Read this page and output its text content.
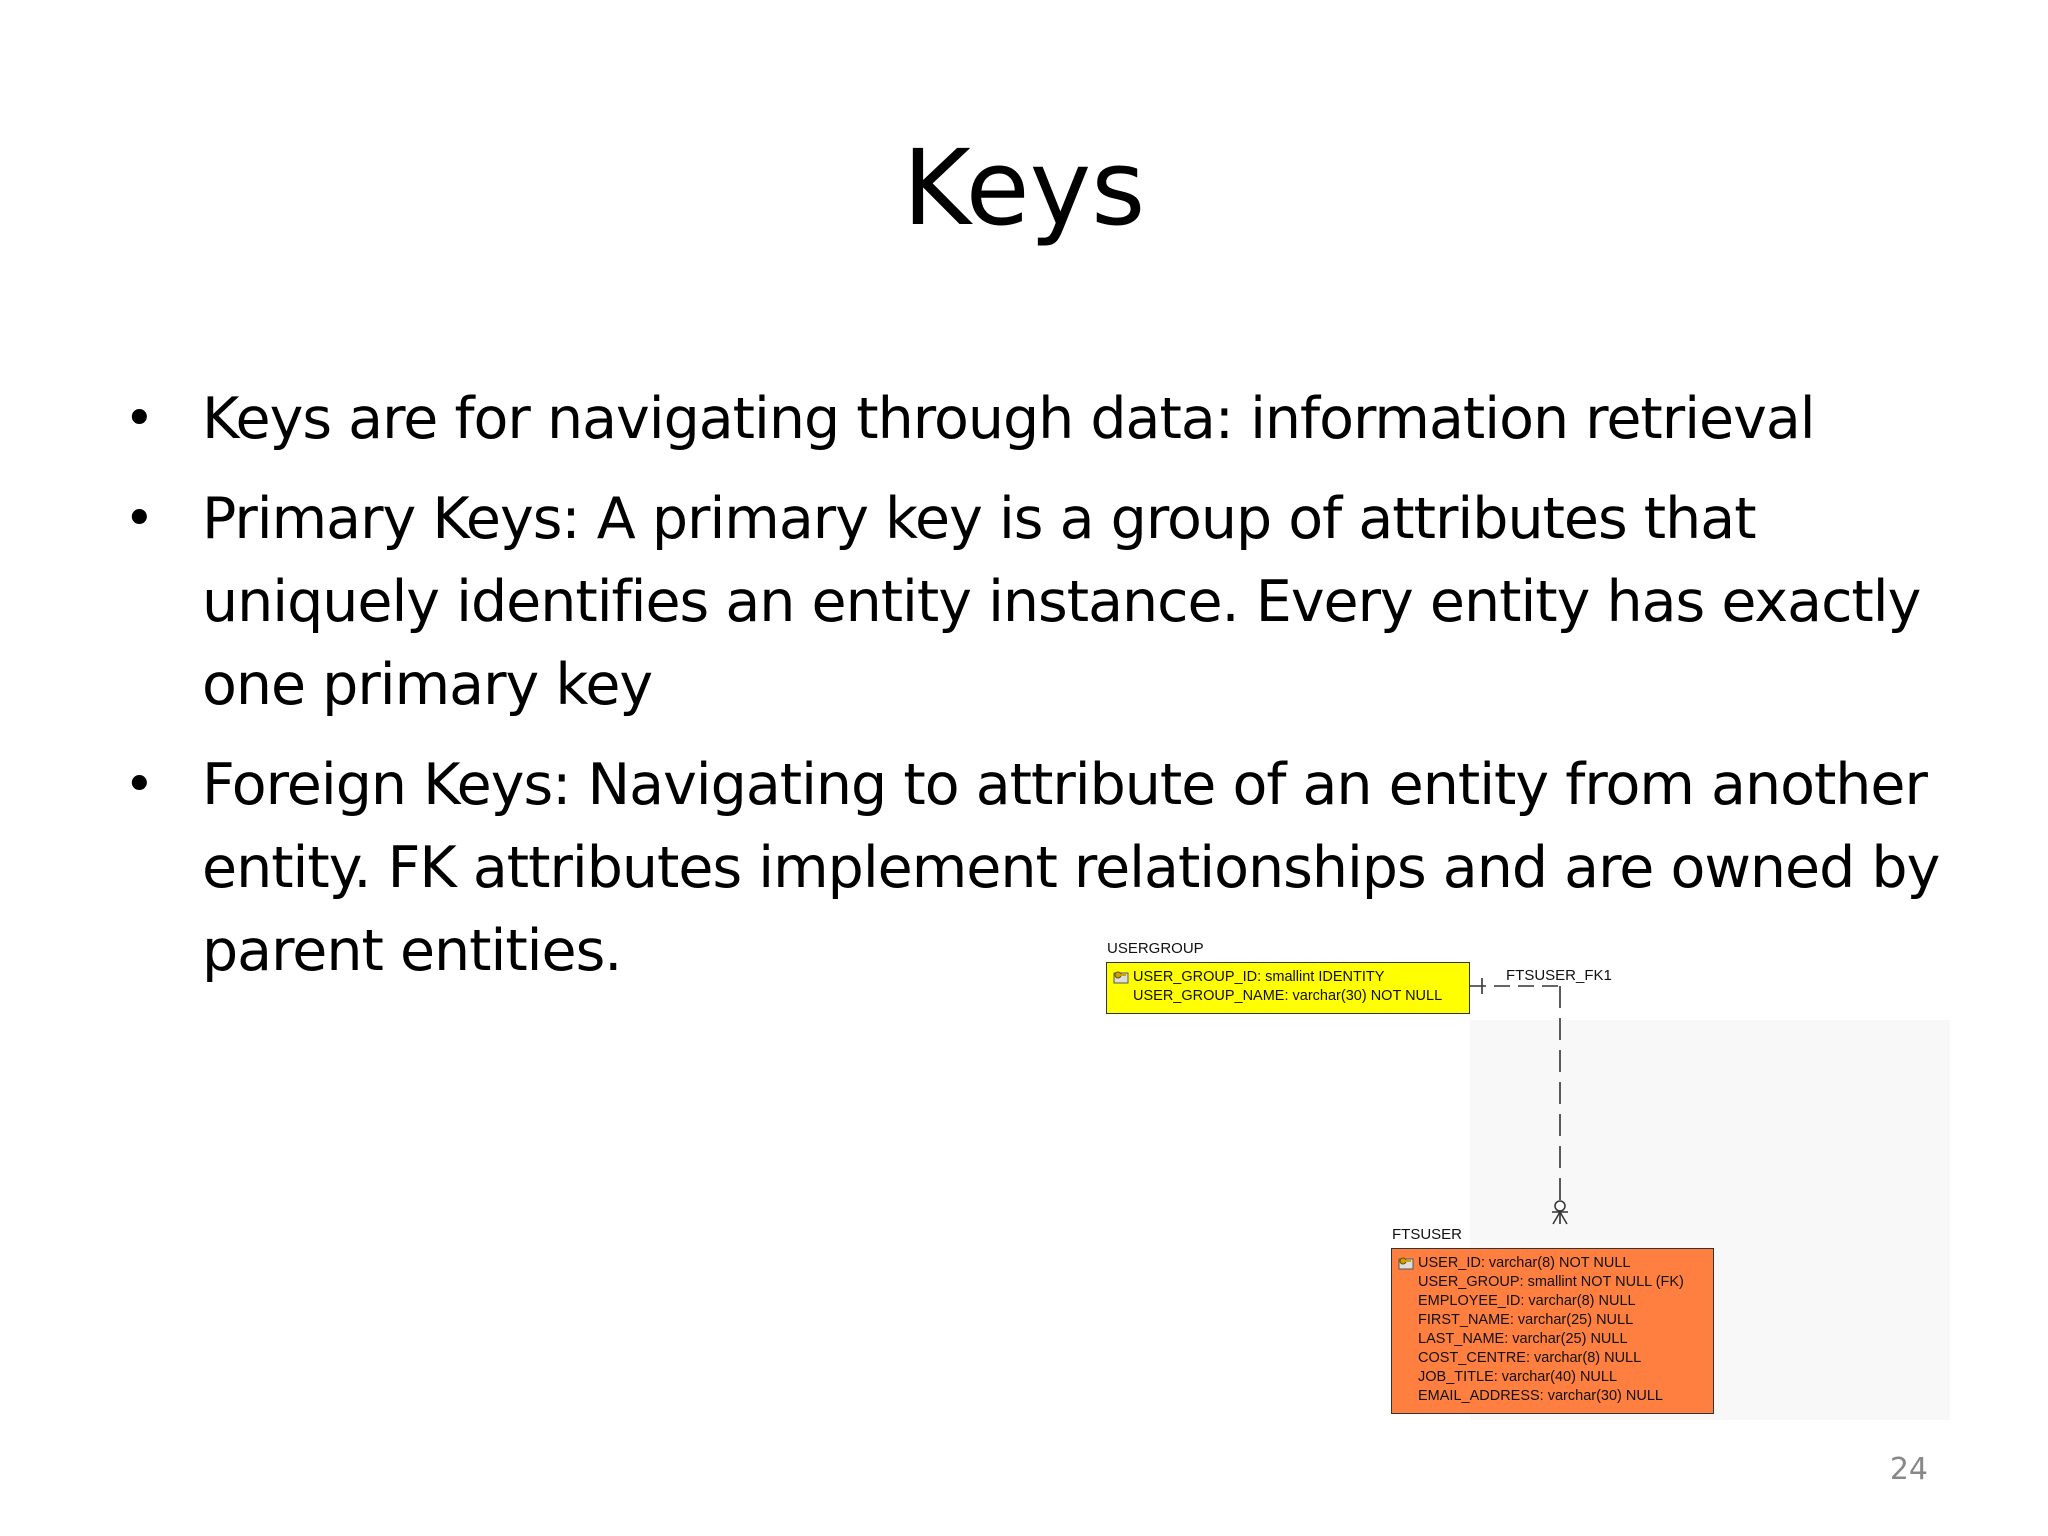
Keys
• Keys are for navigating through data: information retrieval
• Primary Keys: A primary key is a group of attributes that uniquely identifies an entity instance. Every entity has exactly one primary key
• Foreign Keys: Navigating to attribute of an entity from another entity. FK attributes implement relationships and are owned by parent entities.	USERGROUP
USER_GROUP_ID: smallint IDENTITY
USER_GROUP_NAME: varchar(30) NOT NULL
FTSUSER_FK1
FTSUSER
USER_ID: varchar(8) NOT NULL
USER_GROUP: smallint NOT NULL (FK)
EMPLOYEE_ID: varchar(8) NULL
FIRST_NAME: varchar(25) NULL
LAST_NAME: varchar(25) NULL
COST_CENTRE: varchar(8) NULL
JOB_TITLE: varchar(40) NULL
EMAIL_ADDRESS: varchar(30) NULL
24
